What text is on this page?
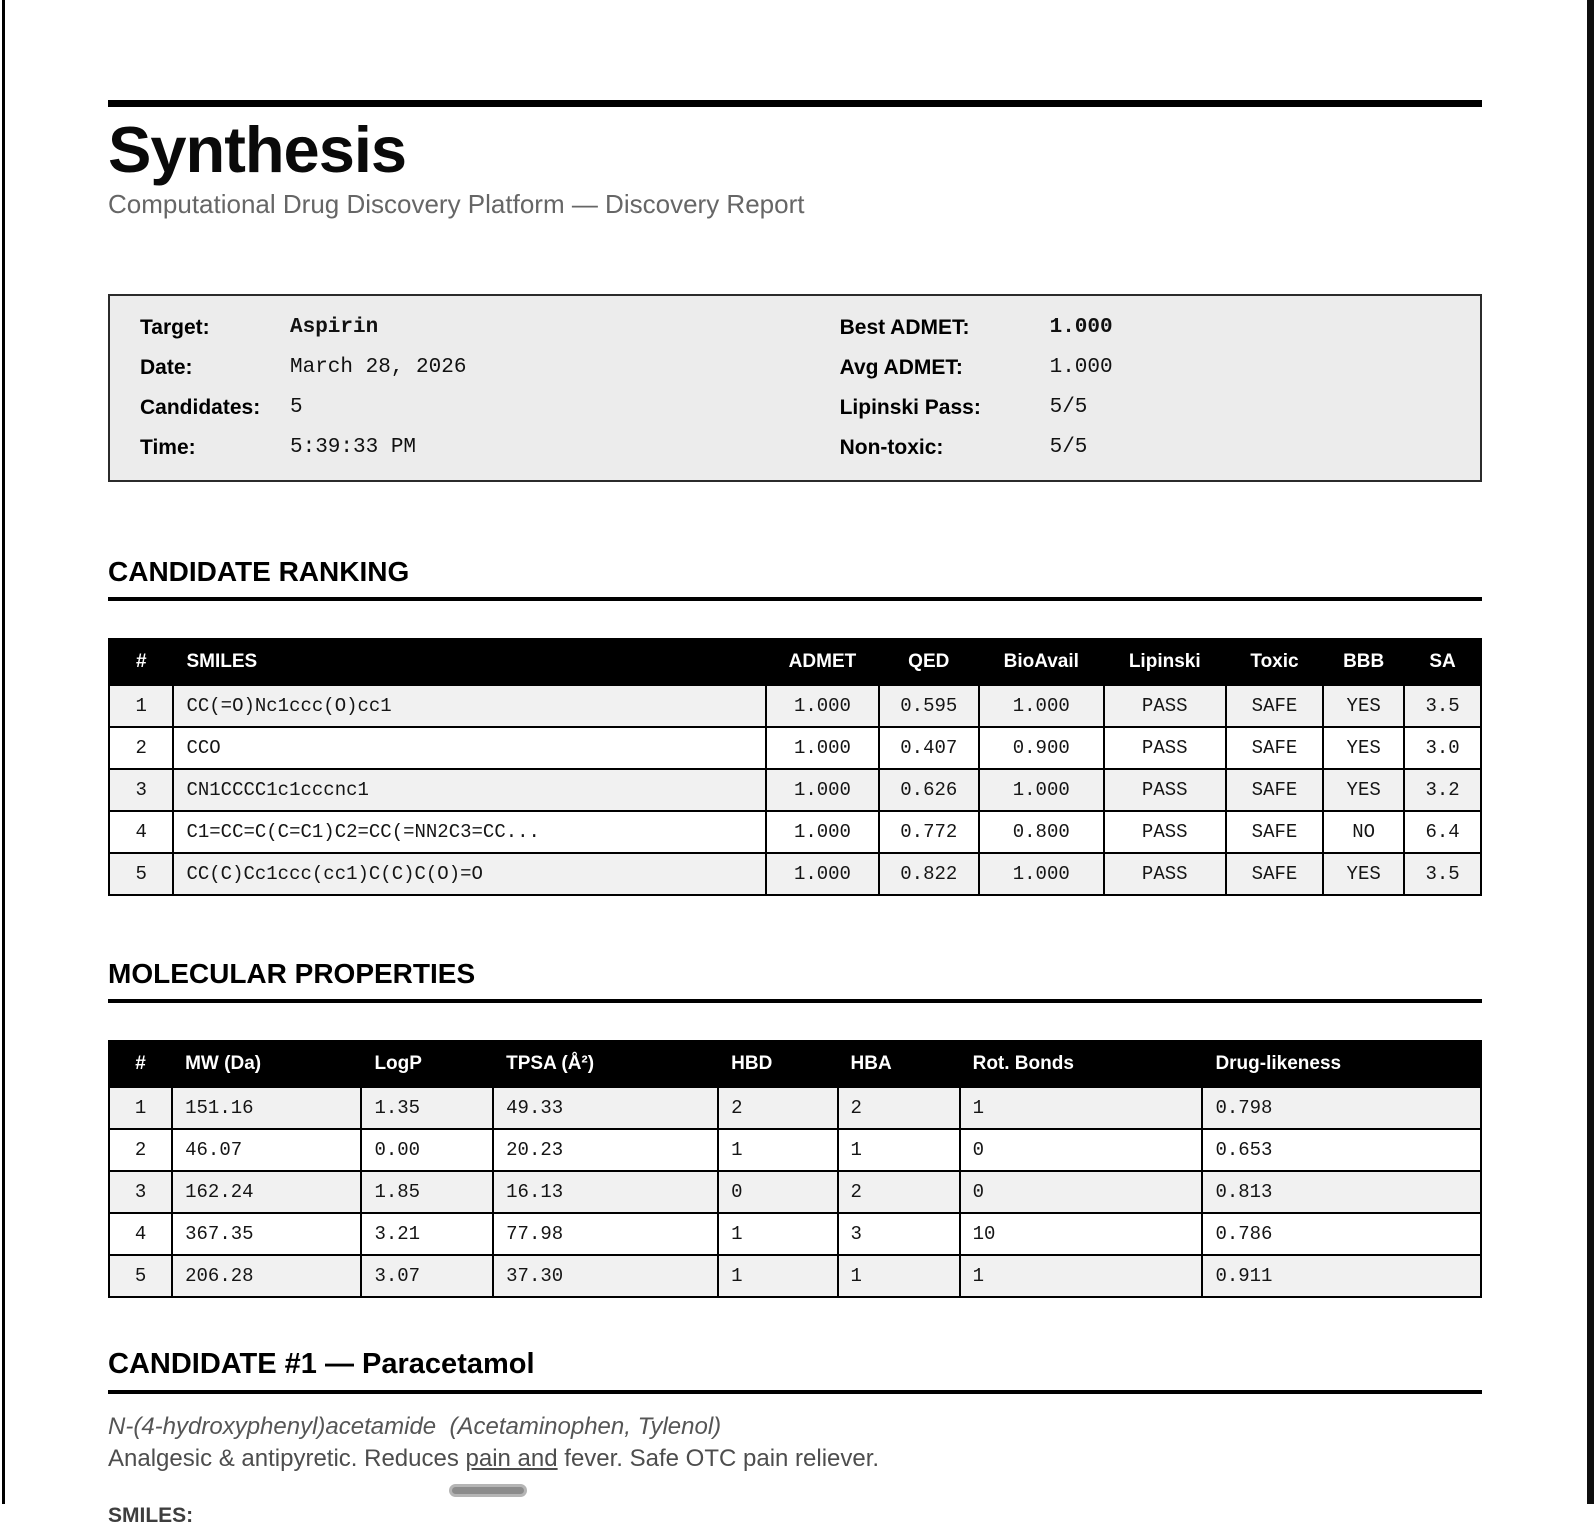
Synthesis
Computational Drug Discovery Platform — Discovery Report
Target:	Aspirin
Date:	March 28, 2026
Candidates:	5
Time:	5:39:33 PM
Best ADMET:	1.000
Avg ADMET:	1.000
Lipinski Pass:	5/5
Non-toxic:	5/5
CANDIDATE RANKING
#	SMILES	ADMET	QED	BioAvail	Lipinski	Toxic	BBB	SA
1	CC(=O)Nc1ccc(O)cc1	1.000	0.595	1.000	PASS	SAFE	YES	3.5
2	CCO	1.000	0.407	0.900	PASS	SAFE	YES	3.0
3	CN1CCCC1c1cccnc1	1.000	0.626	1.000	PASS	SAFE	YES	3.2
4	C1=CC=C(C=C1)C2=CC(=NN2C3=CC...	1.000	0.772	0.800	PASS	SAFE	NO	6.4
5	CC(C)Cc1ccc(cc1)C(C)C(O)=O	1.000	0.822	1.000	PASS	SAFE	YES	3.5
MOLECULAR PROPERTIES
#	MW (Da)	LogP	TPSA (Å²)	HBD	HBA	Rot. Bonds	Drug-likeness
1	151.16	1.35	49.33	2	2	1	0.798
2	46.07	0.00	20.23	1	1	0	0.653
3	162.24	1.85	16.13	0	2	0	0.813
4	367.35	3.21	77.98	1	3	10	0.786
5	206.28	3.07	37.30	1	1	1	0.911
CANDIDATE #1 — Paracetamol
N-(4-hydroxyphenyl)acetamide  (Acetaminophen, Tylenol)
Analgesic & antipyretic. Reduces pain and fever. Safe OTC pain reliever.
SMILES:
